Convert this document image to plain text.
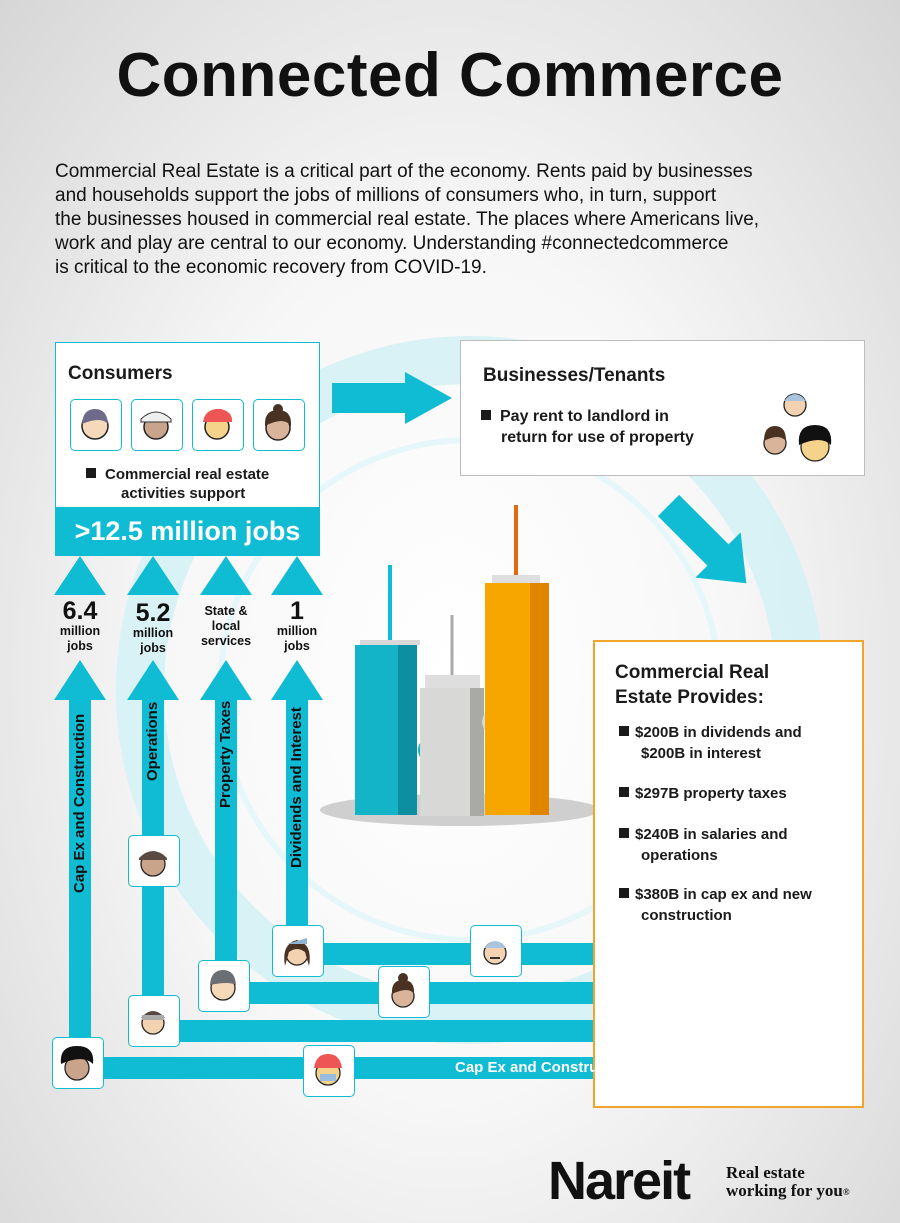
Connected Commerce
Commercial Real Estate is a critical part of the economy. Rents paid by businesses
and households support the jobs of millions of consumers who, in turn, support
the businesses housed in commercial real estate. The places where Americans live,
work and play are central to our economy. Understanding #connectedcommerce
is critical to the economic recovery from COVID-19.
Consumers
Commercial real estate
activities support
>12.5 million jobs
Businesses/Tenants
Pay rent to landlord in
return for use of property
Commercial Real
Estate Provides:
$200B in dividends and
$200B in interest
$297B property taxes
$240B in salaries and
operations
$380B in cap ex and new
construction
6.4
million
jobs
5.2
million
jobs
State &
local
services
1
million
jobs
Cap Ex and Construction	Operations	Property Taxes	Dividends and Interest
Dividends and Interest
Property Taxes
Operations
Cap Ex and Construction
Nareit Real estate
working for you®
